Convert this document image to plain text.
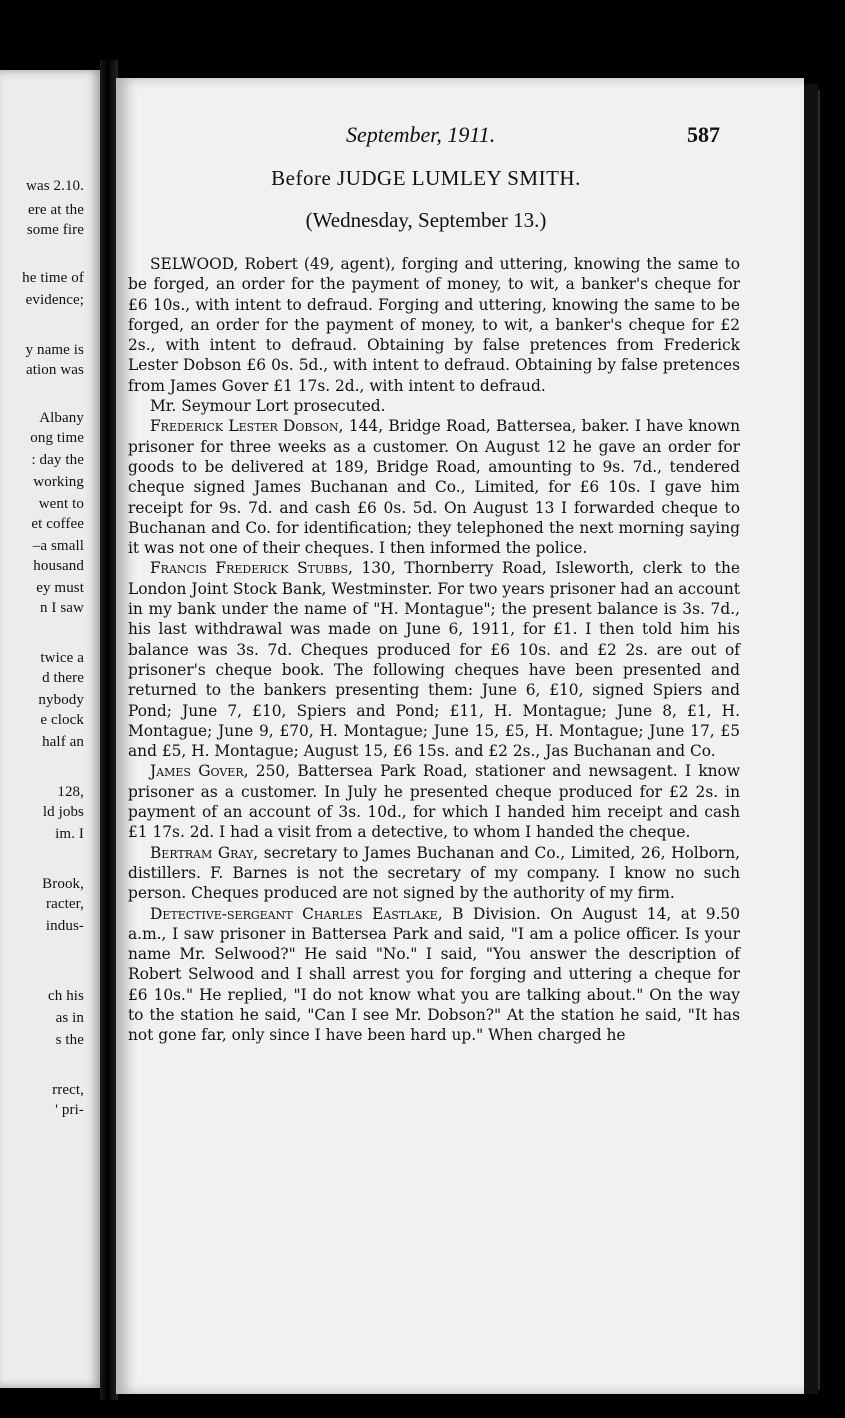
was 2.10.
ere at the
some fire
he time of
evidence;
y name is
ation was
Albany
ong time
: day the
working
went to
et coffee
–a small
housand
ey must
n I saw
twice a
d there
nybody
e clock
half an
128,
ld jobs
im. I
Brook,
racter,
indus-
ch his
as in
s the
rrect,
' pri-
September, 1911.	587
Before JUDGE LUMLEY SMITH.
(Wednesday, September 13.)

SELWOOD, Robert (49, agent), forging and uttering, knowing the same to be forged, an order for the payment of money, to wit, a banker's cheque for £6 10s., with intent to defraud. Forging and uttering, knowing the same to be forged, an order for the payment of money, to wit, a banker's cheque for £2 2s., with intent to defraud. Obtaining by false pretences from Frederick Lester Dobson £6 0s. 5d., with intent to defraud. Obtaining by false pretences from James Gover £1 17s. 2d., with intent to defraud.

Mr. Seymour Lort prosecuted.

Frederick Lester Dobson, 144, Bridge Road, Battersea, baker. I have known prisoner for three weeks as a customer. On August 12 he gave an order for goods to be delivered at 189, Bridge Road, amounting to 9s. 7d., tendered cheque signed James Buchanan and Co., Limited, for £6 10s. I gave him receipt for 9s. 7d. and cash £6 0s. 5d. On August 13 I forwarded cheque to Buchanan and Co. for identification; they telephoned the next morning saying it was not one of their cheques. I then informed the police.

Francis Frederick Stubbs, 130, Thornberry Road, Isleworth, clerk to the London Joint Stock Bank, Westminster. For two years prisoner had an account in my bank under the name of "H. Montague"; the present balance is 3s. 7d., his last withdrawal was made on June 6, 1911, for £1. I then told him his balance was 3s. 7d. Cheques produced for £6 10s. and £2 2s. are out of prisoner's cheque book. The following cheques have been presented and returned to the bankers presenting them: June 6, £10, signed Spiers and Pond; June 7, £10, Spiers and Pond; £11, H. Montague; June 8, £1, H. Montague; June 9, £70, H. Montague; June 15, £5, H. Montague; June 17, £5 and £5, H. Montague; August 15, £6 15s. and £2 2s., Jas Buchanan and Co.

James Gover, 250, Battersea Park Road, stationer and newsagent. I know prisoner as a customer. In July he presented cheque produced for £2 2s. in payment of an account of 3s. 10d., for which I handed him receipt and cash £1 17s. 2d. I had a visit from a detective, to whom I handed the cheque.

Bertram Gray, secretary to James Buchanan and Co., Limited, 26, Holborn, distillers. F. Barnes is not the secretary of my company. I know no such person. Cheques produced are not signed by the authority of my firm.

Detective-sergeant Charles Eastlake, B Division. On August 14, at 9.50 a.m., I saw prisoner in Battersea Park and said, "I am a police officer. Is your name Mr. Selwood?" He said "No." I said, "You answer the description of Robert Selwood and I shall arrest you for forging and uttering a cheque for £6 10s." He replied, "I do not know what you are talking about." On the way to the station he said, "Can I see Mr. Dobson?" At the station he said, "It has not gone far, only since I have been hard up." When charged he
